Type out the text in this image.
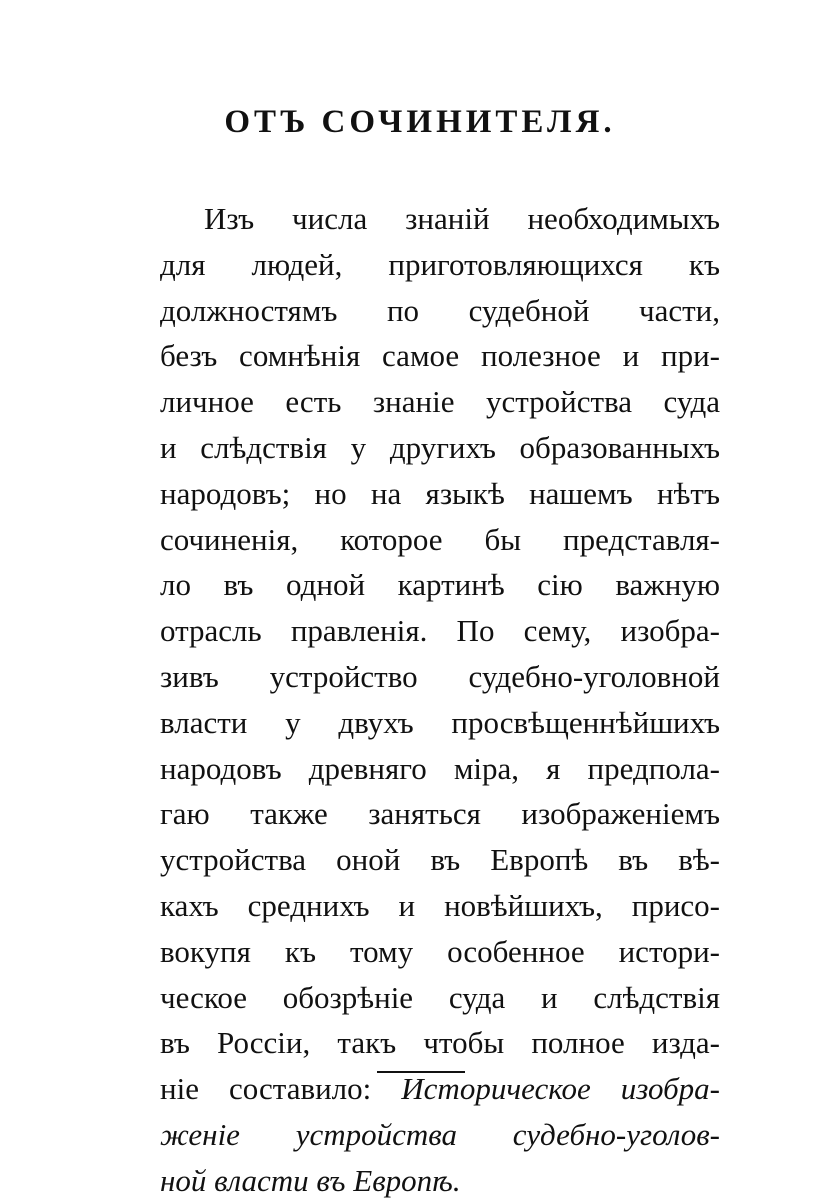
ОТЪ СОЧИНИТЕЛЯ.
Изъ числа знаній необходимыхъ
для людей, приготовляющихся къ
должностямъ по судебной части,
безъ сомнѣнія самое полезное и при-
личное есть знаніе устройства суда
и слѣдствія у другихъ образованныхъ
народовъ; но на языкѣ нашемъ нѣтъ
сочиненія, которое бы представля-
ло въ одной картинѣ сію важную
отрасль правленія. По сему, изобра-
зивъ устройство судебно-уголовной
власти у двухъ просвѣщеннѣйшихъ
народовъ древняго міра, я предпола-
гаю также заняться изображеніемъ
устройства оной въ Европѣ въ вѣ-
кахъ среднихъ и новѣйшихъ, присо-
вокупя къ тому особенное истори-
ческое обозрѣніе суда и слѣдствія
въ Россіи, такъ чтобы полное изда-
ніе составило: Историческое изобра-
женіе устройства судебно-уголов-
ной власти въ Европѣ.
